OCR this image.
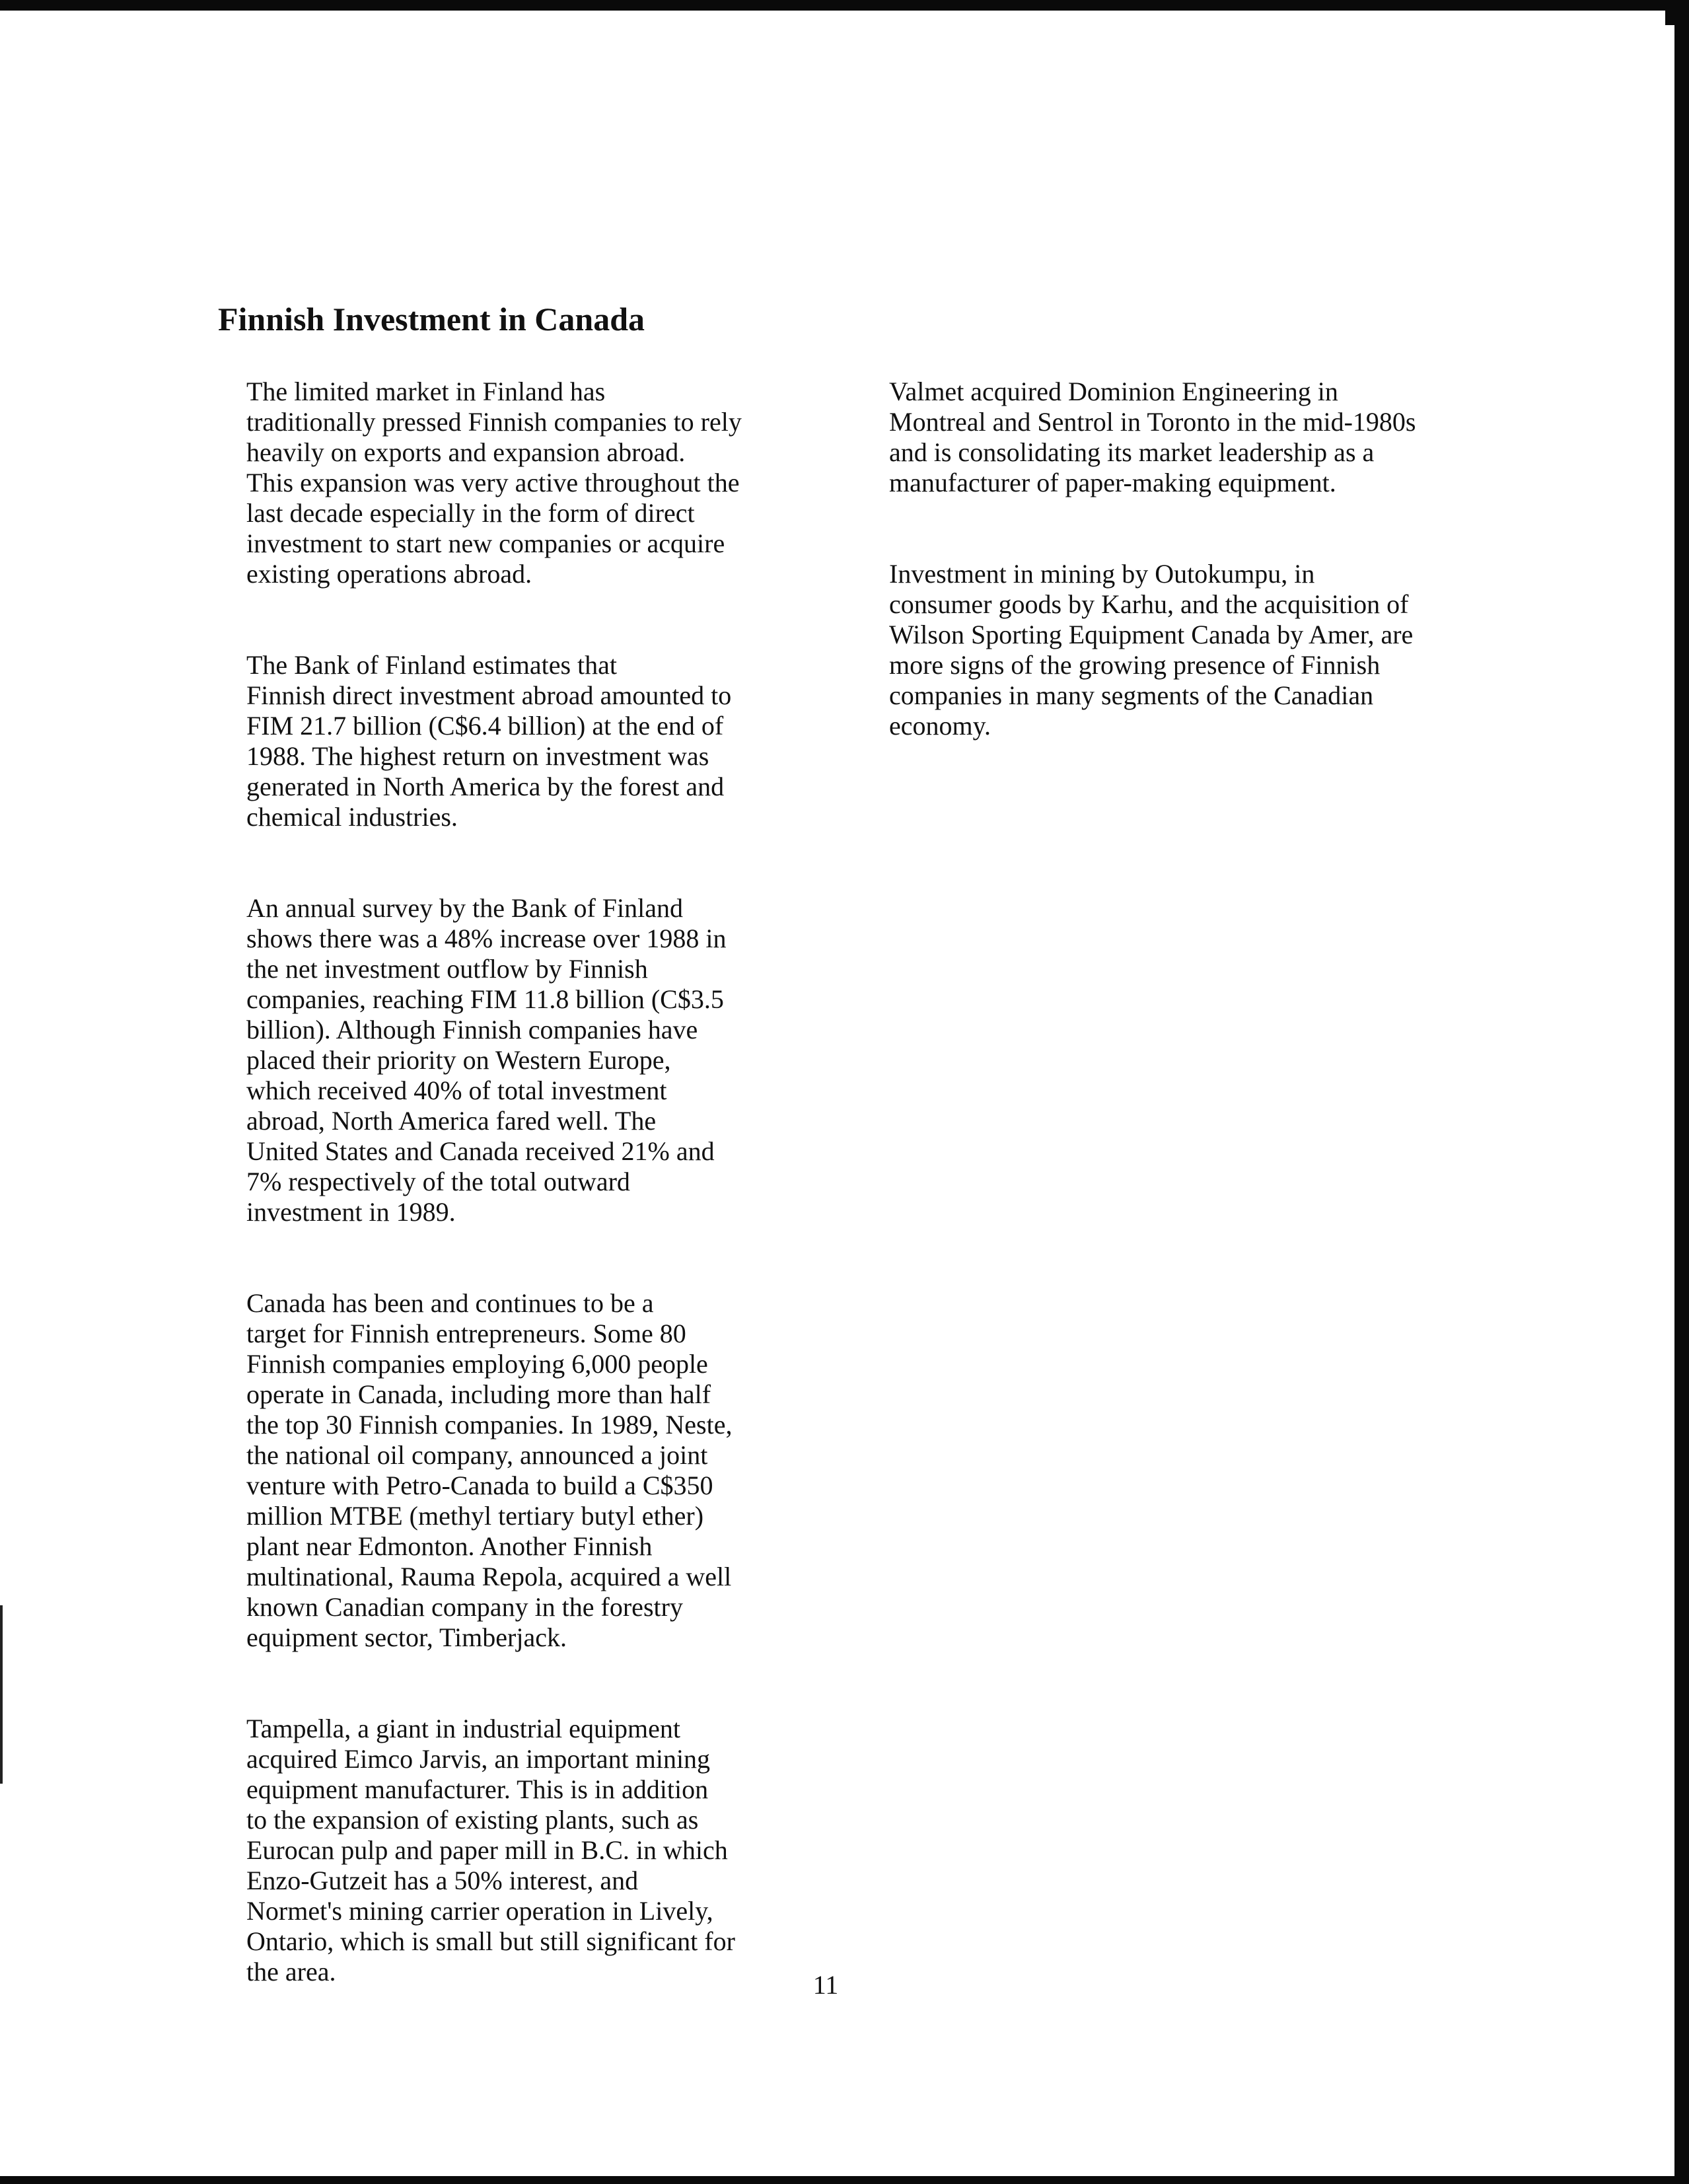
Finnish Investment in Canada

The limited market in Finland has
traditionally pressed Finnish companies to rely
heavily on exports and expansion abroad.
This expansion was very active throughout the
last decade especially in the form of direct
investment to start new companies or acquire
existing operations abroad.

The Bank of Finland estimates that
Finnish direct investment abroad amounted to
FIM 21.7 billion (C$6.4 billion) at the end of
1988. The highest return on investment was
generated in North America by the forest and
chemical industries.

An annual survey by the Bank of Finland
shows there was a 48% increase over 1988 in
the net investment outflow by Finnish
companies, reaching FIM 11.8 billion (C$3.5
billion). Although Finnish companies have
placed their priority on Western Europe,
which received 40% of total investment
abroad, North America fared well. The
United States and Canada received 21% and
7% respectively of the total outward
investment in 1989.

Canada has been and continues to be a
target for Finnish entrepreneurs. Some 80
Finnish companies employing 6,000 people
operate in Canada, including more than half
the top 30 Finnish companies. In 1989, Neste,
the national oil company, announced a joint
venture with Petro-Canada to build a C$350
million MTBE (methyl tertiary butyl ether)
plant near Edmonton. Another Finnish
multinational, Rauma Repola, acquired a well
known Canadian company in the forestry
equipment sector, Timberjack.

Tampella, a giant in industrial equipment
acquired Eimco Jarvis, an important mining
equipment manufacturer. This is in addition
to the expansion of existing plants, such as
Eurocan pulp and paper mill in B.C. in which
Enzo-Gutzeit has a 50% interest, and
Normet's mining carrier operation in Lively,
Ontario, which is small but still significant for
the area.

Valmet acquired Dominion Engineering in
Montreal and Sentrol in Toronto in the mid-1980s
and is consolidating its market leadership as a
manufacturer of paper-making equipment.

Investment in mining by Outokumpu, in
consumer goods by Karhu, and the acquisition of
Wilson Sporting Equipment Canada by Amer, are
more signs of the growing presence of Finnish
companies in many segments of the Canadian
economy.

11
